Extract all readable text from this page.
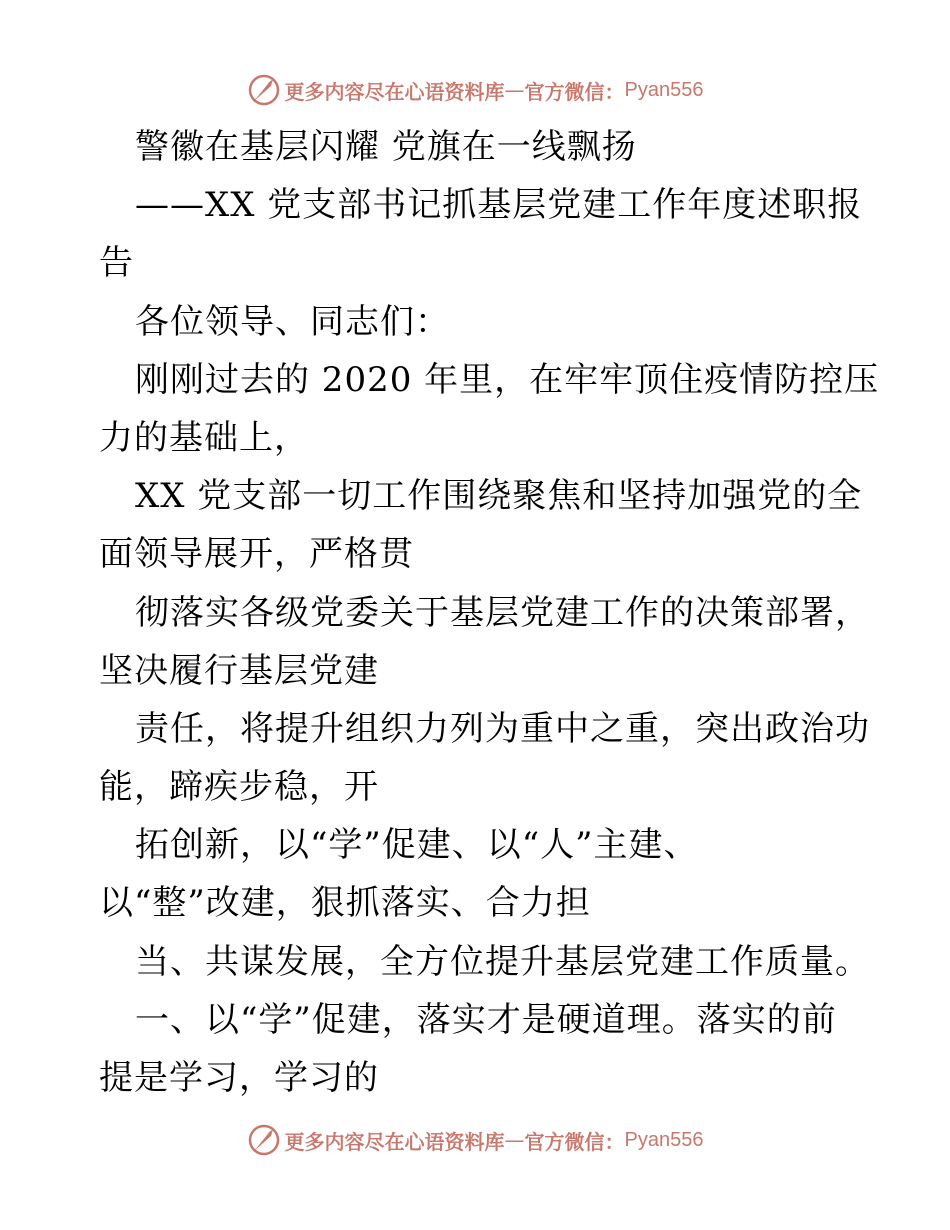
更多内容尽在心语资料库 — 官方微信： Pyan556
警徽在基层闪耀 党旗在一线飘扬
——XX 党支部书记抓基层党建工作年度述职报
告
各位领导、同志们：
刚刚过去的 2020 年里，在牢牢顶住疫情防控压
力的基础上，
XX 党支部一切工作围绕聚焦和坚持加强党的全
面领导展开，严格贯
彻落实各级党委关于基层党建工作的决策部署，
坚决履行基层党建
责任，将提升组织力列为重中之重，突出政治功
能，蹄疾步稳，开
拓创新，以“学”促建、以“人”主建、
以“整”改建，狠抓落实、合力担
当、共谋发展，全方位提升基层党建工作质量。
一、以“学”促建，落实才是硬道理。落实的前
提是学习，学习的
更多内容尽在心语资料库 — 官方微信： Pyan556
